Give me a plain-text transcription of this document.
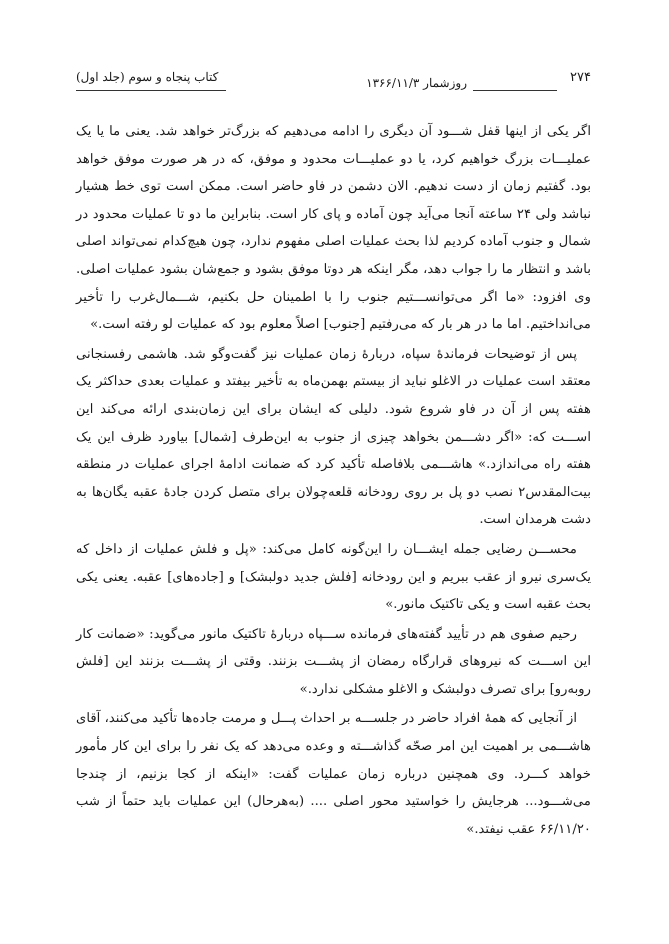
۲۷۴
روزشمار ۱۳۶۶/۱۱/۳
کتاب پنجاه و سوم (جلد اول)

اگر یکی از اینها قفل شـــود آن دیگری را ادامه می‌دهیم که بزرگ‌تر خواهد شد. یعنی ما یا یک عملیـــات بزرگ خواهیم کرد، یا دو عملیـــات محدود و موفق، که در هر صورت موفق خواهد بود. گفتیم زمان از دست ندهیم. الان دشمن در فاو حاضر است. ممکن است توی خط هشیار نباشد ولی ۲۴ ساعته آنجا می‌آید چون آماده و پای کار است. بنابراین ما دو تا عملیات محدود در شمال و جنوب آماده کردیم لذا بحث عملیات اصلی مفهوم ندارد، چون هیچ‌کدام نمی‌تواند اصلی باشد و انتظار ما را جواب دهد، مگر اینکه هر دوتا موفق بشود و جمع‌شان بشود عملیات اصلی. وی افزود: «ما اگر می‌توانســـتیم جنوب را با اطمینان حل بکنیم، شـــمال‌غرب را تأخیر می‌انداختیم. اما ما در هر بار که می‌رفتیم [جنوب] اصلاً معلوم بود که عملیات لو رفته است.»

پس از توضیحات فرماندهٔ سپاه، دربارهٔ زمان عملیات نیز گفت‌وگو شد. هاشمی رفسنجانی معتقد است عملیات در الاغلو نباید از بیستم بهمن‌ماه به تأخیر بیفتد و عملیات بعدی حداکثر یک هفته پس از آن در فاو شروع شود. دلیلی که ایشان برای این زمان‌بندی ارائه می‌کند این اســـت که: «اگر دشـــمن بخواهد چیزی از جنوب به این‌طرف [شمال] بیاورد ظرف این یک هفته راه می‌اندازد.» هاشـــمی بلافاصله تأکید کرد که ضمانت ادامهٔ اجرای عملیات در منطقه بیت‌المقدس۲ نصب دو پل بر روی رودخانه قلعه‌چولان برای متصل کردن جادهٔ عقبه یگان‌ها به دشت هرمدان است.

محســـن رضایی جمله ایشـــان را این‌گونه کامل می‌کند: «پل و فلش عملیات از داخل که یک‌سری نیرو از عقب ببریم و این رودخانه [فلش جدید دولبشک] و [جاده‌های] عقبه. یعنی یکی بحث عقبه است و یکی تاکتیک مانور.»

رحیم صفوی هم در تأیید گفته‌های فرمانده ســـپاه دربارهٔ تاکتیک مانور می‌گوید: «ضمانت کار این اســـت که نیروهای قرارگاه رمضان از پشـــت بزنند. وقتی از پشـــت بزنند این [فلش روبه‌رو] برای تصرف دولبشک و الاغلو مشکلی ندارد.»

از آنجایی که همهٔ افراد حاضر در جلســـه بر احداث پـــل و مرمت جاده‌ها تأکید می‌کنند، آقای هاشـــمی بر اهمیت این امر صحّه گذاشـــته و وعده می‌دهد که یک نفر را برای این کار مأمور خواهد کـــرد. وی همچنین درباره زمان عملیات گفت: «اینکه از کجا بزنیم، از چندجا می‌شـــود... هرجایش را خواستید محور اصلی .... (به‌هرحال) این عملیات باید حتماً از شب ۶۶/۱۱/۲۰ عقب نیفتد.»
